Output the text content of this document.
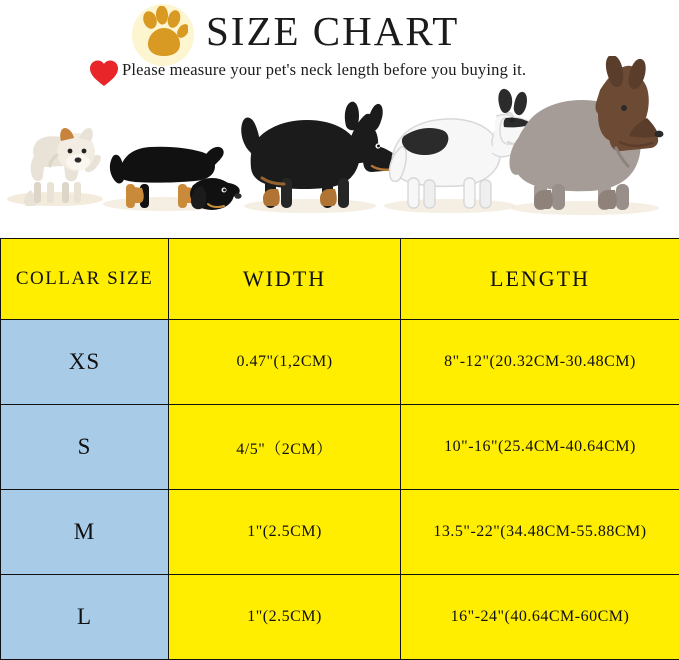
SIZE CHART
Please measure your pet's neck length before you buying it.
COLLAR SIZE	WIDTH	LENGTH
XS	0.47"(1,2CM)	8"-12"(20.32CM-30.48CM)
S	4/5"（2CM）	10"-16"(25.4CM-40.64CM)
M	1"(2.5CM)	13.5"-22"(34.48CM-55.88CM)
L	1"(2.5CM)	16"-24"(40.64CM-60CM)
